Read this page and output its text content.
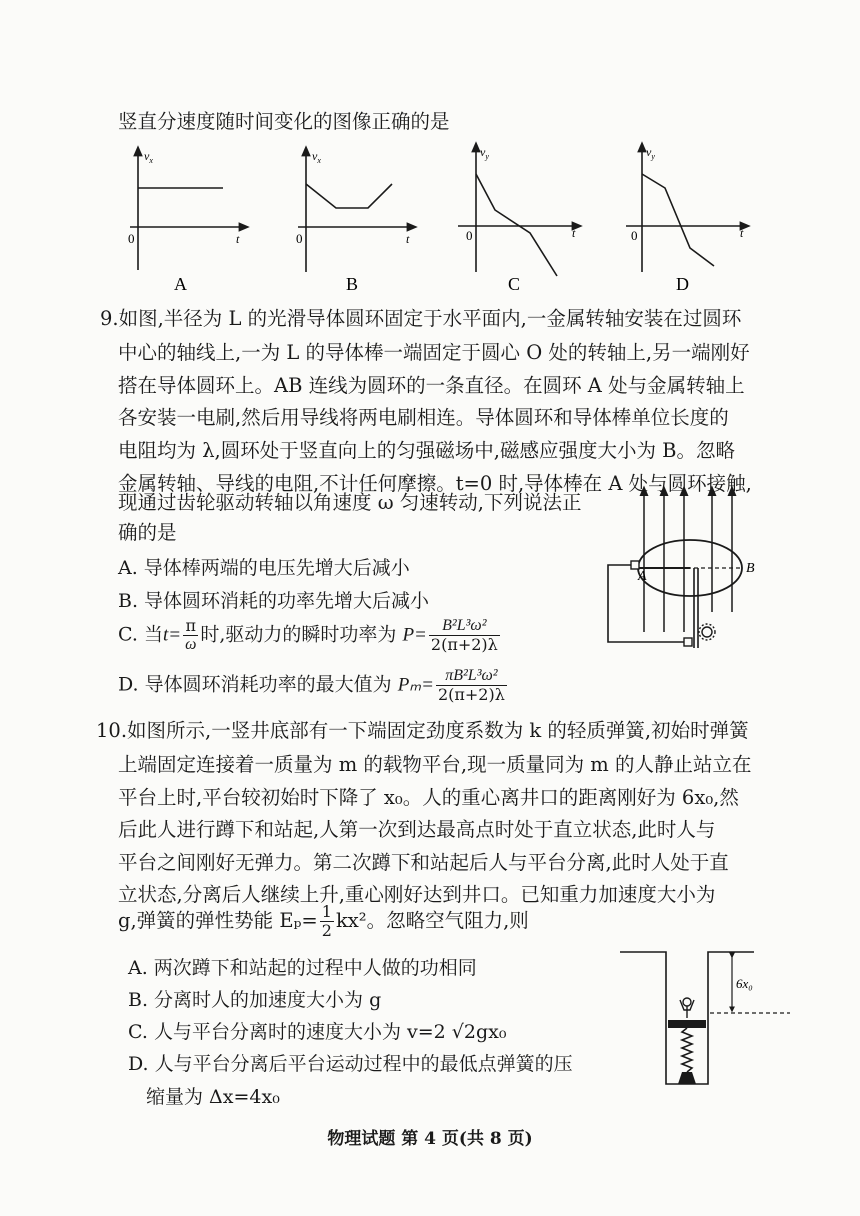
竖直分速度随时间变化的图像正确的是
$v_x$
t
0
A
$v_x$
t
0
B
$v_y$
t
0
C
$v_y$
t
0
D
9.如图,半径为 L 的光滑导体圆环固定于水平面内,一金属转轴安装在过圆环
中心的轴线上,一为 L 的导体棒一端固定于圆心 O 处的转轴上,另一端刚好
搭在导体圆环上。AB 连线为圆环的一条直径。在圆环 A 处与金属转轴上
各安装一电刷,然后用导线将两电刷相连。导体圆环和导体棒单位长度的
电阻均为 λ,圆环处于竖直向上的匀强磁场中,磁感应强度大小为 B。忽略
金属转轴、导线的电阻,不计任何摩擦。t=0 时,导体棒在 A 处与圆环接触,
现通过齿轮驱动转轴以角速度 ω 匀速转动,下列说法正
确的是
A. 导体棒两端的电压先增大后减小
B. 导体圆环消耗的功率先增大后减小
C. 当$t= \frac{\pi}{\omega}$ 时,驱动力的瞬时功率为 $P= \frac{\text{B²L³ω²}}{2(\pi+2)\lambda}$
D. 导体圆环消耗功率的最大值为 $P_m= \frac{\text{πB²L³ω²}}{2(\pi+2)\lambda}$
A
B
10.如图所示,一竖井底部有一下端固定劲度系数为 k 的轻质弹簧,初始时弹簧
上端固定连接着一质量为 m 的载物平台,现一质量同为 m 的人静止站立在
平台上时,平台较初始时下降了 x₀。人的重心离井口的距离刚好为 6x₀,然
后此人进行蹲下和站起,人第一次到达最高点时处于直立状态,此时人与
平台之间刚好无弹力。第二次蹲下和站起后人与平台分离,此时人处于直
立状态,分离后人继续上升,重心刚好达到井口。已知重力加速度大小为
g,弹簧的弹性势能 $E_p= \frac{1}{2} kx^2$。忽略空气阻力,则
A. 两次蹲下和站起的过程中人做的功相同
B. 分离时人的加速度大小为 g
C. 人与平台分离时的速度大小为 v=2 √2gx₀
D. 人与平台分离后平台运动过程中的最低点弹簧的压
缩量为 Δx=4x₀
6x₀
物理试题 第 4 页(共 8 页)
